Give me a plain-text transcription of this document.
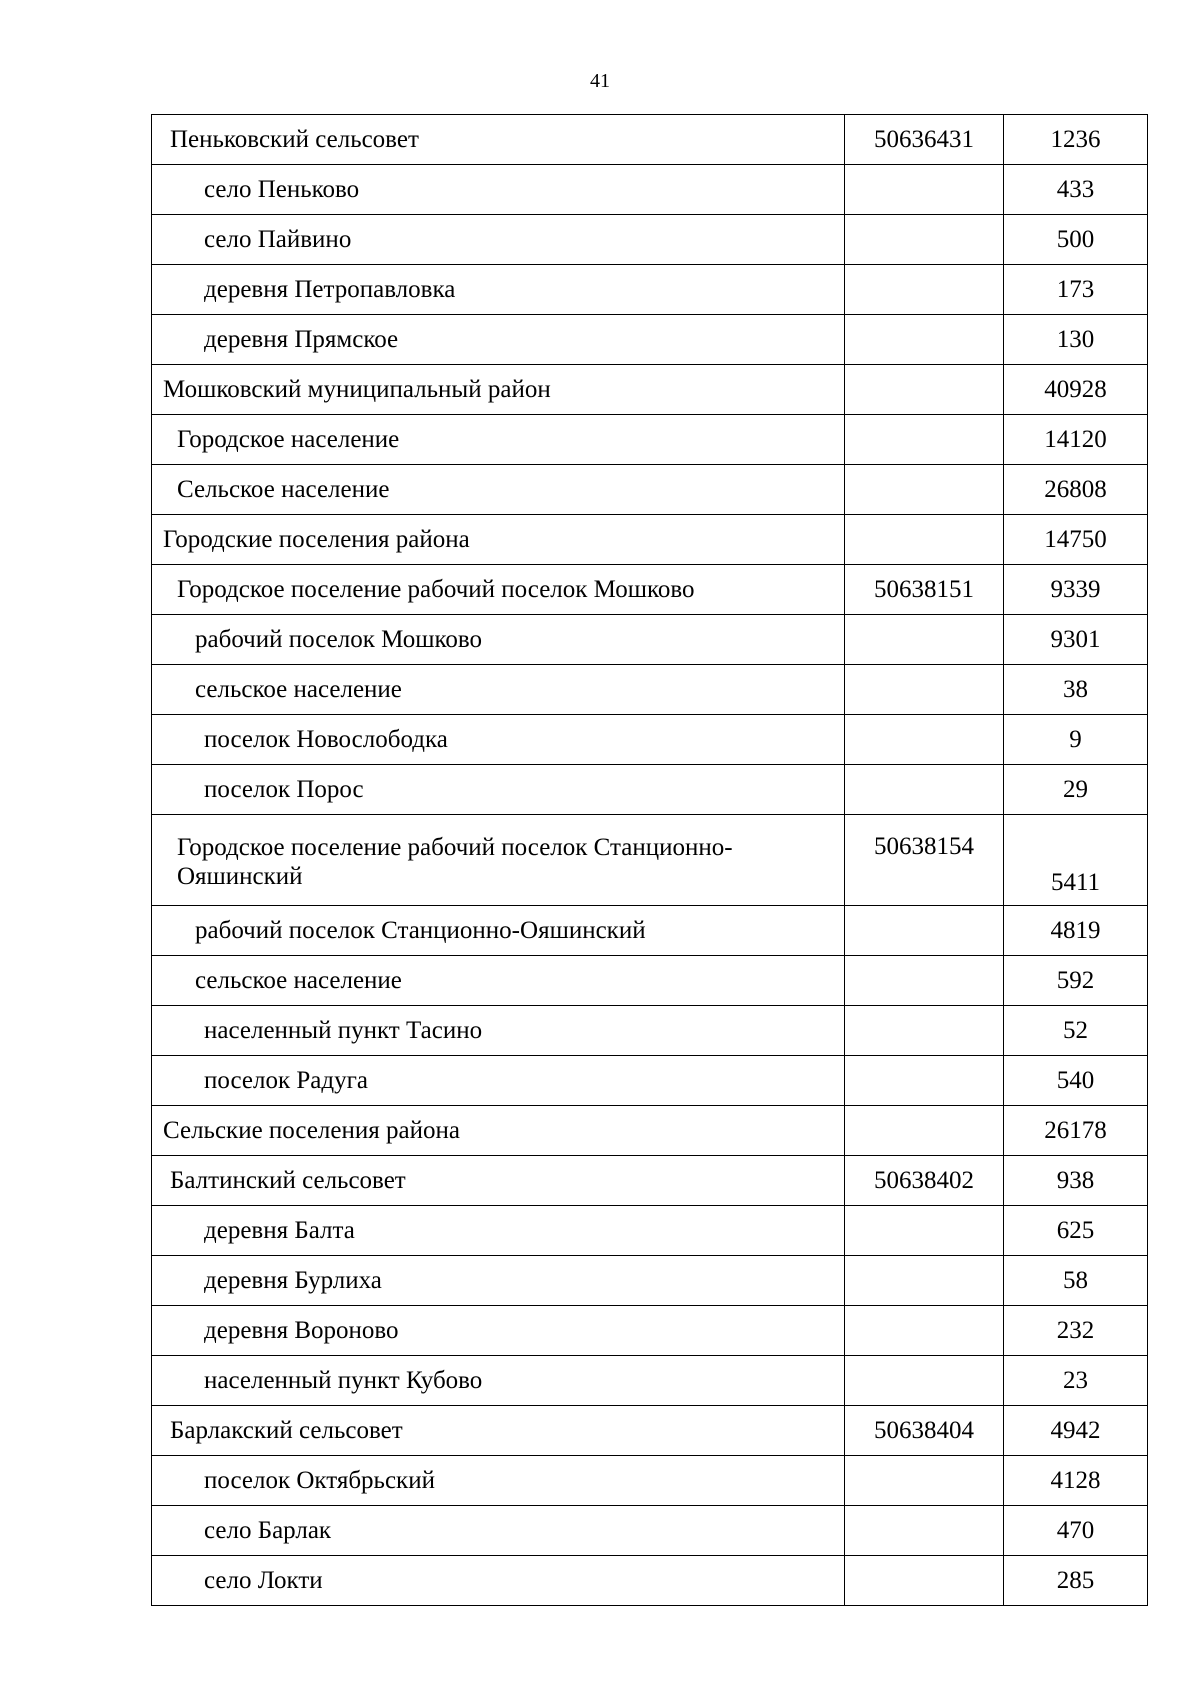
41
Пеньковский сельсовет	50636431	1236
село Пеньково		433
село Пайвино		500
деревня Петропавловка		173
деревня Прямское		130
Мошковский муниципальный район		40928
Городское население		14120
Сельское население		26808
Городские поселения района		14750
Городское поселение рабочий поселок Мошково	50638151	9339
рабочий поселок Мошково		9301
сельское население		38
поселок Новослободка		9
поселок Порос		29
Городское поселение рабочий поселок Станционно-Ояшинский	50638154	5411
рабочий поселок Станционно-Ояшинский		4819
сельское население		592
населенный пункт Тасино		52
поселок Радуга		540
Сельские поселения района		26178
Балтинский сельсовет	50638402	938
деревня Балта		625
деревня Бурлиха		58
деревня Вороново		232
населенный пункт Кубово		23
Барлакский сельсовет	50638404	4942
поселок Октябрьский		4128
село Барлак		470
село Локти		285
